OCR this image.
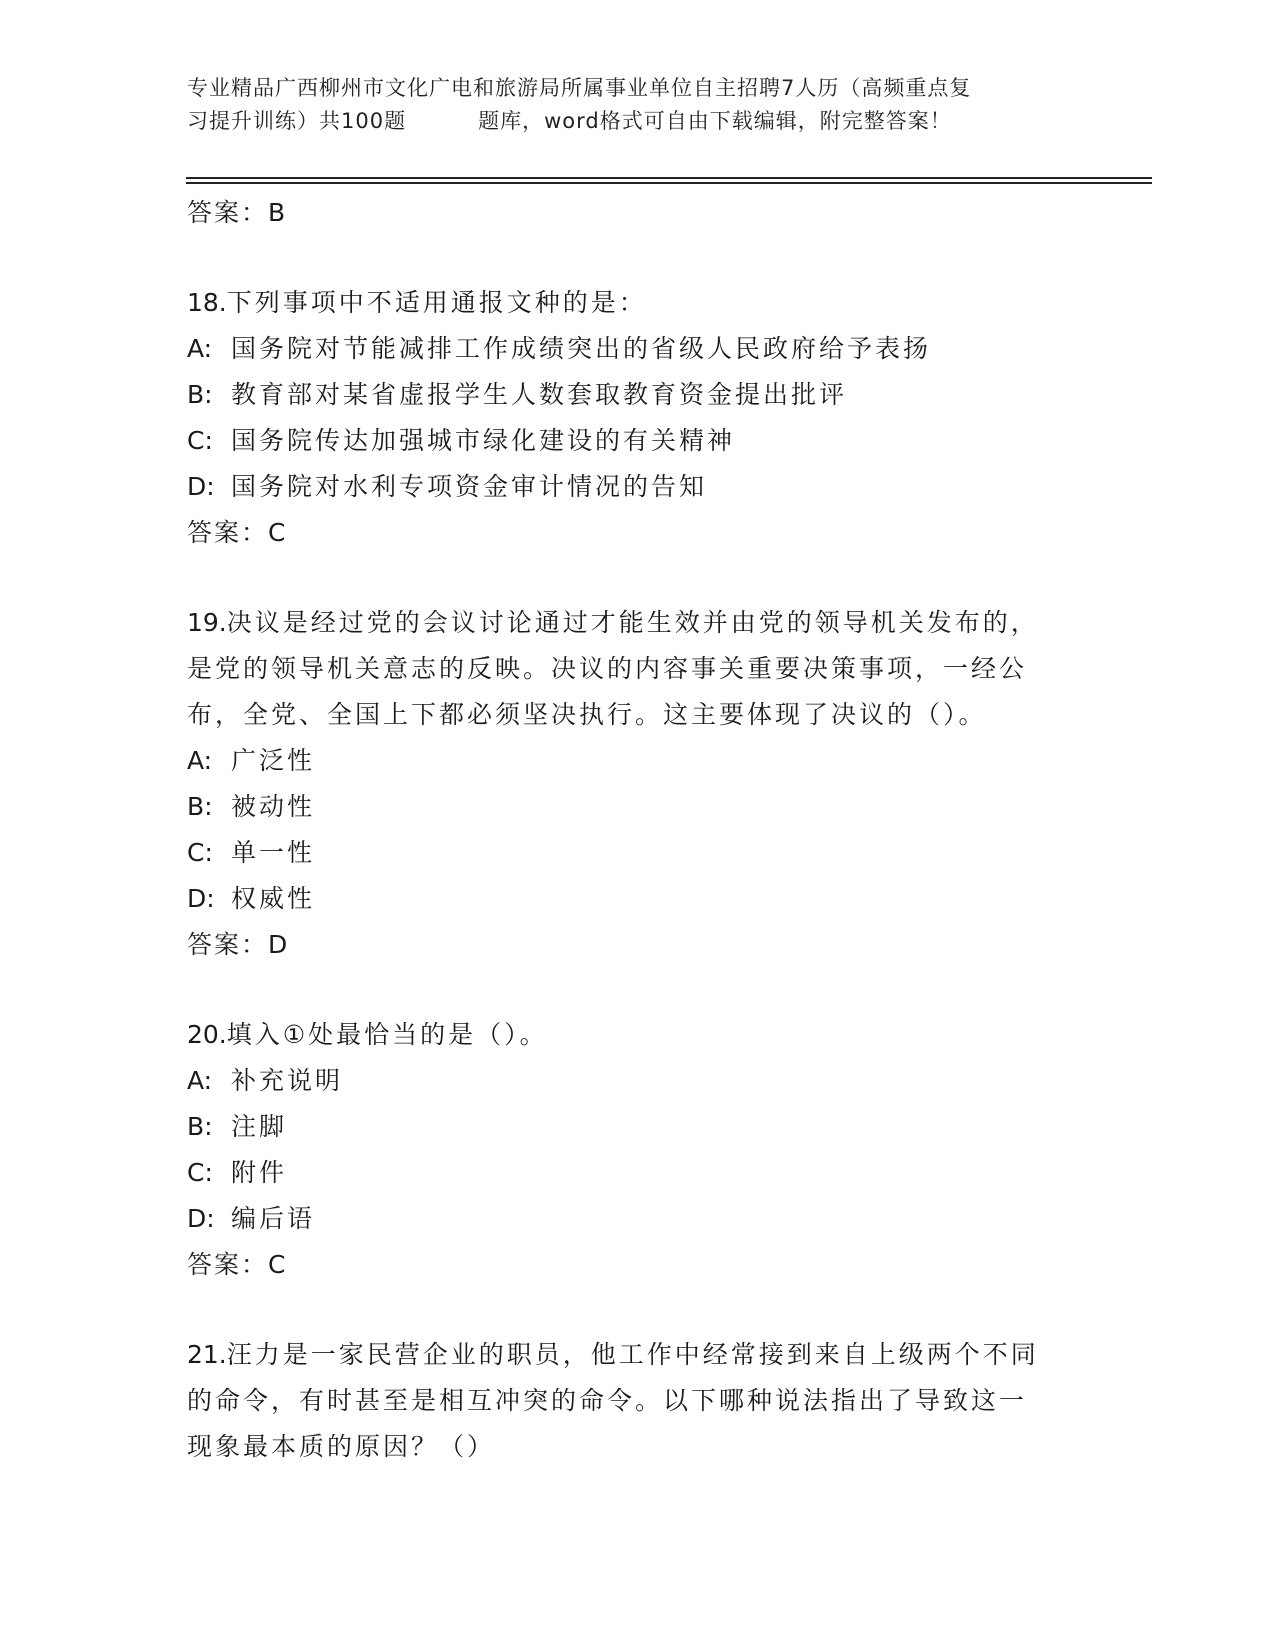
专业精品广西柳州市文化广电和旅游局所属事业单位自主招聘7人历（高频重点复
习提升训练）共100题	题库，word格式可自由下载编辑，附完整答案！
答案：B
18.下列事项中不适用通报文种的是：
A: 国务院对节能减排工作成绩突出的省级人民政府给予表扬
B: 教育部对某省虚报学生人数套取教育资金提出批评
C: 国务院传达加强城市绿化建设的有关精神
D: 国务院对水利专项资金审计情况的告知
答案：C
19.决议是经过党的会议讨论通过才能生效并由党的领导机关发布的，
是党的领导机关意志的反映。决议的内容事关重要决策事项，一经公
布，全党、全国上下都必须坚决执行。这主要体现了决议的（）。
A: 广泛性
B: 被动性
C: 单一性
D: 权威性
答案：D
20.填入①处最恰当的是（）。
A: 补充说明
B: 注脚
C: 附件
D: 编后语
答案：C
21.汪力是一家民营企业的职员，他工作中经常接到来自上级两个不同
的命令，有时甚至是相互冲突的命令。以下哪种说法指出了导致这一
现象最本质的原因？（）
